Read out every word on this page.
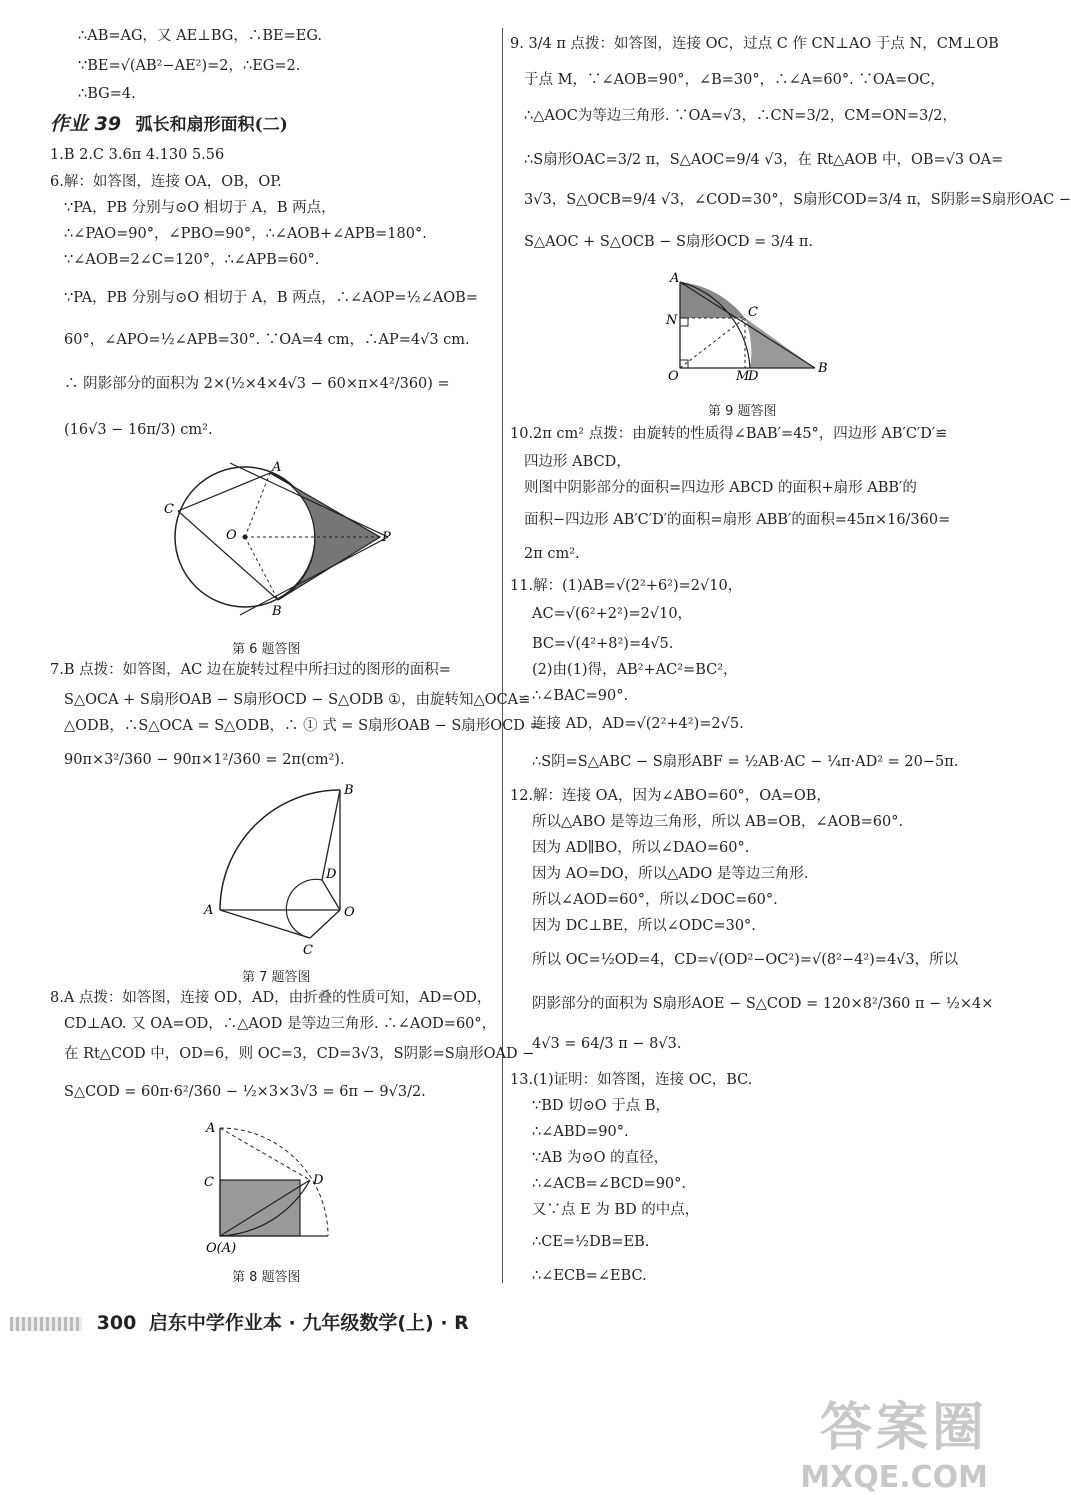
∴AB=AG，又 AE⊥BG，∴BE=EG.
∵BE=√(AB²−AE²)=2，∴EG=2.
∴BG=4.
作业 39 弧长和扇形面积(二)
1.B 2.C 3.6π 4.130 5.56
6.解：如答图，连接 OA，OB，OP.
∵PA，PB 分别与⊙O 相切于 A，B 两点，
∴∠PAO=90°，∠PBO=90°，∴∠AOB+∠APB=180°.
∵∠AOB=2∠C=120°，∴∠APB=60°.
∵PA，PB 分别与⊙O 相切于 A，B 两点，∴∠AOP=½∠AOB=
60°，∠APO=½∠APB=30°. ∵OA=4 cm，∴AP=4√3 cm.
∴ 阴影部分的面积为 2×(½×4×4√3 − 60×π×4²/360) =
(16√3 − 16π/3) cm².
A
B
C
O	P
第 6 题答图
7.B 点拨：如答图，AC 边在旋转过程中所扫过的图形的面积=
S△OCA + S扇形OAB − S扇形OCD − S△ODB ①，由旋转知△OCA≌
△ODB，∴S△OCA = S△ODB，∴ ① 式 = S扇形OAB − S扇形OCD =
90π×3²/360 − 90π×1²/360 = 2π(cm²).
A
B
C
D
O
第 7 题答图
8.A 点拨：如答图，连接 OD，AD，由折叠的性质可知，AD=OD，
CD⊥AO. 又 OA=OD，∴△AOD 是等边三角形. ∴∠AOD=60°，
在 Rt△COD 中，OD=6，则 OC=3，CD=3√3，S阴影=S扇形OAD −
S△COD = 60π·6²/360 − ½×3×3√3 = 6π − 9√3/2.
A
C	D
O(A)
第 8 题答图
9. 3/4 π 点拨：如答图，连接 OC，过点 C 作 CN⊥AO 于点 N，CM⊥OB
于点 M，∵∠AOB=90°，∠B=30°，∴∠A=60°. ∵OA=OC，
∴△AOC为等边三角形. ∵OA=√3，∴CN=3/2，CM=ON=3/2，
∴S扇形OAC=3/2 π，S△AOC=9/4 √3，在 Rt△AOB 中，OB=√3 OA=
3√3，S△OCB=9/4 √3，∠COD=30°，S扇形COD=3/4 π，S阴影=S扇形OAC −
S△AOC + S△OCB − S扇形OCD = 3/4 π.
A
N
C
O	M
D
B
第 9 题答图
10.2π cm² 点拨：由旋转的性质得∠BAB′=45°，四边形 AB′C′D′≌
四边形 ABCD，
则图中阴影部分的面积=四边形 ABCD 的面积+扇形 ABB′的
面积−四边形 AB′C′D′的面积=扇形 ABB′的面积=45π×16/360=
2π cm².
11.解：(1)AB=√(2²+6²)=2√10，
AC=√(6²+2²)=2√10，
BC=√(4²+8²)=4√5.
(2)由(1)得，AB²+AC²=BC²，
∴∠BAC=90°.
连接 AD，AD=√(2²+4²)=2√5.
∴S阴=S△ABC − S扇形ABF = ½AB·AC − ¼π·AD² = 20−5π.
12.解：连接 OA，因为∠ABO=60°，OA=OB，
所以△ABO 是等边三角形，所以 AB=OB，∠AOB=60°.
因为 AD∥BO，所以∠DAO=60°.
因为 AO=DO，所以△ADO 是等边三角形.
所以∠AOD=60°，所以∠DOC=60°.
因为 DC⊥BE，所以∠ODC=30°.
所以 OC=½OD=4，CD=√(OD²−OC²)=√(8²−4²)=4√3，所以
阴影部分的面积为 S扇形AOE − S△COD = 120×8²/360 π − ½×4×
4√3 = 64/3 π − 8√3.
13.(1)证明：如答图，连接 OC，BC.
∵BD 切⊙O 于点 B，
∴∠ABD=90°.
∵AB 为⊙O 的直径，
∴∠ACB=∠BCD=90°.
又∵点 E 为 BD 的中点，
∴CE=½DB=EB.
∴∠ECB=∠EBC.
300 启东中学作业本 · 九年级数学(上) · R
答案圈
MXQE.COM
